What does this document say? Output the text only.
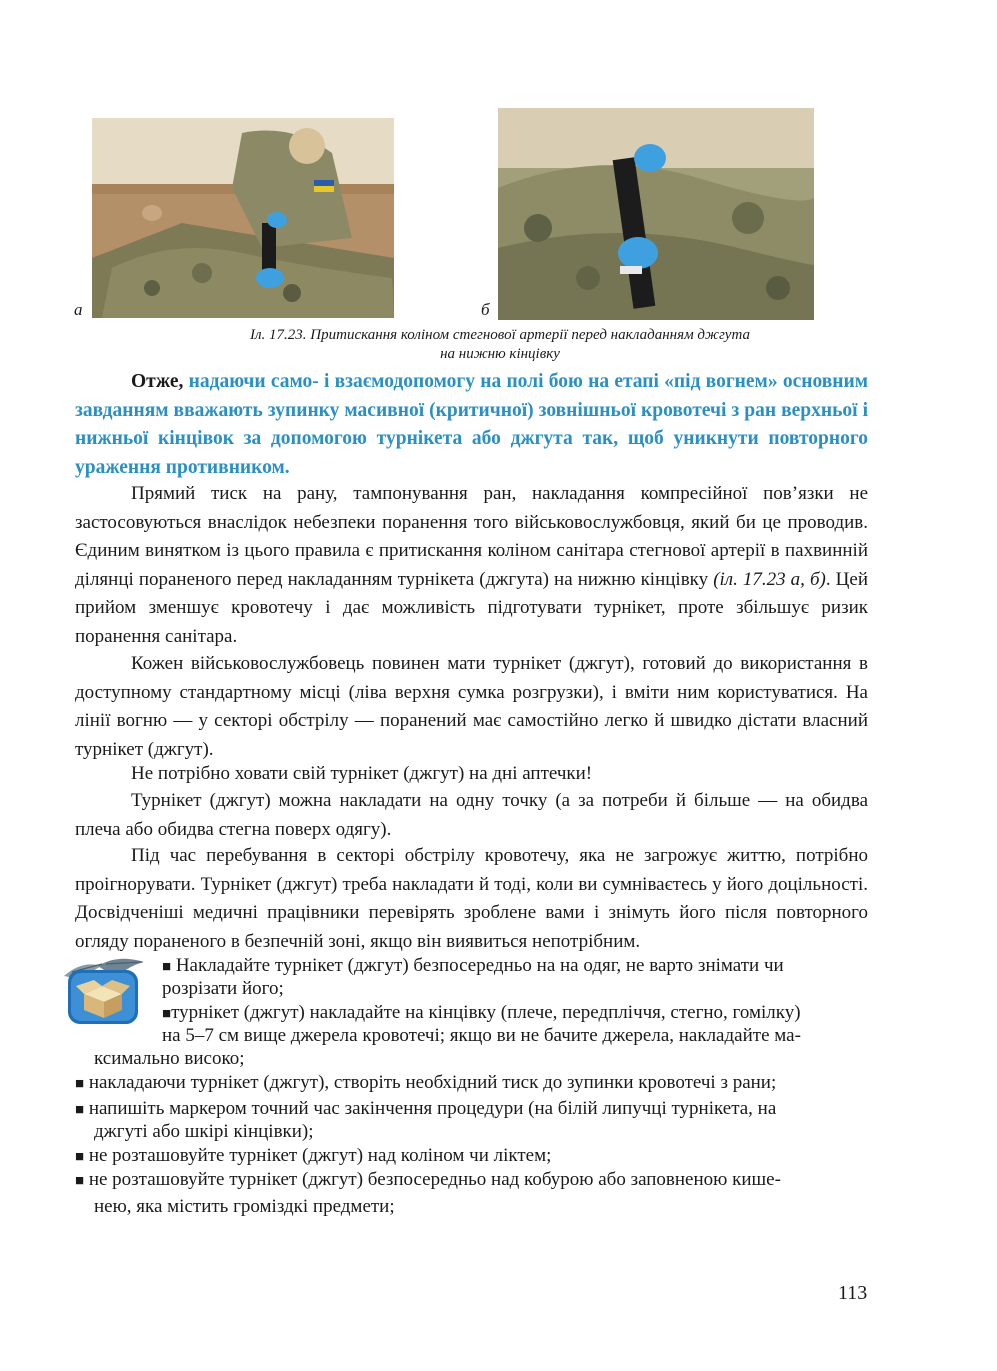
а	б
Іл. 17.23. Притискання коліном стегнової артерії перед накладанням джгута
на нижню кінцівку
Отже, надаючи само- і взаємодопомогу на полі бою на етапі «під вогнем» основним завданням вважають зупинку масивної (критичної) зовнішньої кровотечі з ран верхньої і нижньої кінцівок за допомогою турнікета або джгута так, щоб уникнути повторного ураження противником.
Прямий тиск на рану, тампонування ран, накладання компресійної пов’язки не застосовуються внаслідок небезпеки поранення того військовослужбовця, який би це проводив. Єдиним винятком із цього правила є притискання коліном санітара стегнової артерії в пахвинній ділянці пораненого перед накладанням турнікета (джгута) на нижню кінцівку (іл. 17.23 а, б). Цей прийом зменшує кровотечу і дає можливість підготувати турнікет, проте збільшує ризик поранення санітара.
Кожен військовослужбовець повинен мати турнікет (джгут), готовий до використання в доступному стандартному місці (ліва верхня сумка розгрузки), і вміти ним користуватися. На лінії вогню — у секторі обстрілу — поранений має самостійно легко й швидко дістати власний турнікет (джгут).
Не потрібно ховати свій турнікет (джгут) на дні аптечки!
Турнікет (джгут) можна накладати на одну точку (а за потреби й більше — на обидва плеча або обидва стегна поверх одягу).
Під час перебування в секторі обстрілу кровотечу, яка не загрожує життю, потрібно проігнорувати. Турнікет (джгут) треба накладати й тоді, коли ви сумніваєтесь у його доцільності. Досвідченіші медичні працівники перевірять зроблене вами і знімуть його після повторного огляду пораненого в безпечній зоні, якщо він виявиться непотрібним.
■ Накладайте турнікет (джгут) безпосередньо на на одяг, не варто знімати чи
розрізати його;
■турнікет (джгут) накладайте на кінцівку (плече, передпліччя, стегно, гомілку)
на 5–7 см вище джерела кровотечі; якщо ви не бачите джерела, накладайте ма-
ксимально високо;
■ накладаючи турнікет (джгут), створіть необхідний тиск до зупинки кровотечі з рани;
■ напишіть маркером точний час закінчення процедури (на білій липучці турнікета, на
джгуті або шкірі кінцівки);
■ не розташовуйте турнікет (джгут) над коліном чи ліктем;
■ не розташовуйте турнікет (джгут) безпосередньо над кобурою або заповненою кише-
нею, яка містить громіздкі предмети;
113
